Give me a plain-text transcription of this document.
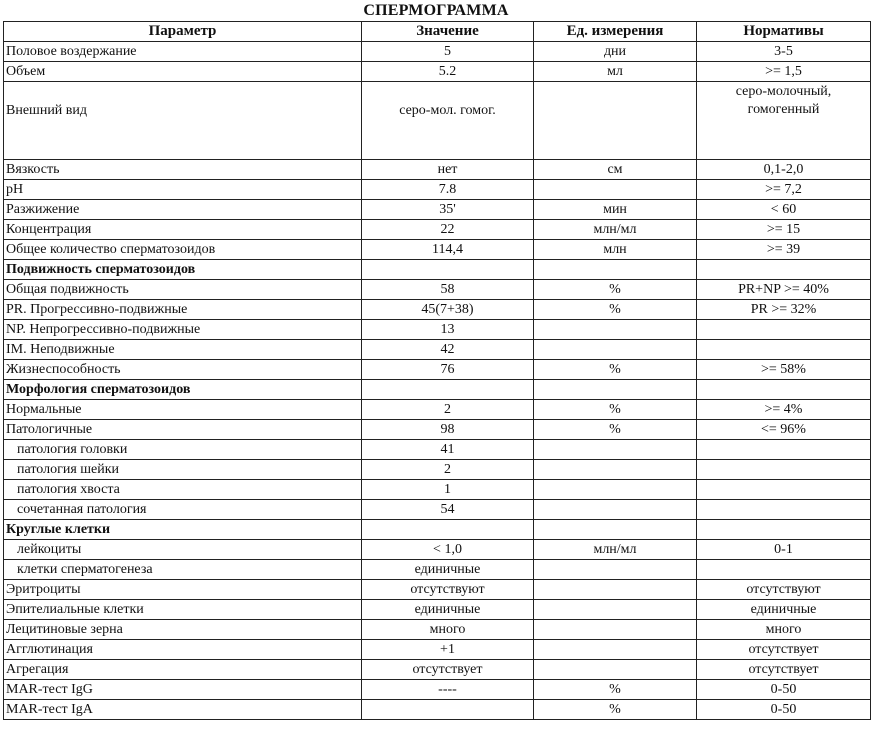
СПЕРМОГРАММА
Параметр	Значение	Ед. измерения	Нормативы
Половое воздержание	5	дни	3-5
Объем	5.2	мл	>= 1,5
Внешний вид	серо-мол. гомог.		серо-молочный, гомогенный
Вязкость	нет	см	0,1-2,0
pH	7.8		>= 7,2
Разжижение	35'	мин	< 60
Концентрация	22	млн/мл	>= 15
Общее количество сперматозоидов	114,4	млн	>= 39
Подвижность сперматозоидов			
Общая подвижность	58	%	PR+NP >= 40%
PR. Прогрессивно-подвижные	45(7+38)	%	PR >= 32%
NP. Непрогрессивно-подвижные	13		
IM. Неподвижные	42		
Жизнеспособность	76	%	>= 58%
Морфология сперматозоидов			
Нормальные	2	%	>= 4%
Патологичные	98	%	<= 96%
патология головки	41		
патология шейки	2		
патология хвоста	1		
сочетанная патология	54		
Круглые клетки			
лейкоциты	< 1,0	млн/мл	0-1
клетки сперматогенеза	единичные		
Эритроциты	отсутствуют		отсутствуют
Эпителиальные клетки	единичные		единичные
Лецитиновые зерна	много		много
Агглютинация	+1		отсутствует
Агрегация	отсутствует		отсутствует
MAR-тест IgG	----	%	0-50
MAR-тест IgA		%	0-50
